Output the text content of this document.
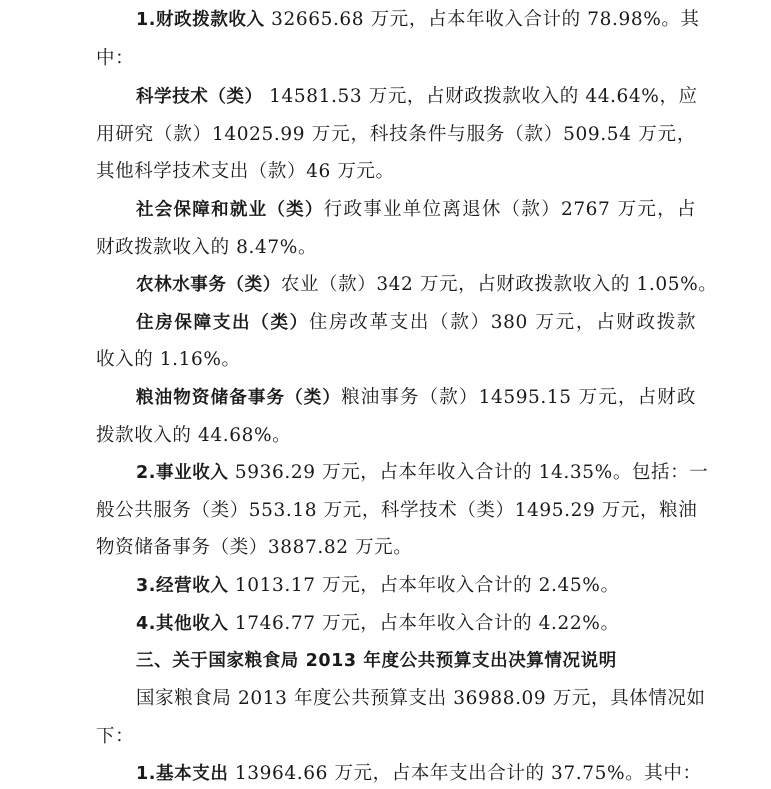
1.财政拨款收入 32665.68 万元，占本年收入合计的 78.98%。其
中：
科学技术（类） 14581.53 万元，占财政拨款收入的 44.64%，应
用研究（款）14025.99 万元，科技条件与服务（款）509.54 万元，
其他科学技术支出（款）46 万元。
社会保障和就业（类）行政事业单位离退休（款）2767 万元，占
财政拨款收入的 8.47%。
农林水事务（类）农业（款）342 万元，占财政拨款收入的 1.05%。
住房保障支出（类）住房改革支出（款）380 万元，占财政拨款
收入的 1.16%。
粮油物资储备事务（类）粮油事务（款）14595.15 万元，占财政
拨款收入的 44.68%。
2.事业收入 5936.29 万元，占本年收入合计的 14.35%。包括：一
般公共服务（类）553.18 万元，科学技术（类）1495.29 万元，粮油
物资储备事务（类）3887.82 万元。
3.经营收入 1013.17 万元，占本年收入合计的 2.45%。
4.其他收入 1746.77 万元，占本年收入合计的 4.22%。
三、关于国家粮食局 2013 年度公共预算支出决算情况说明
国家粮食局 2013 年度公共预算支出 36988.09 万元，具体情况如
下：
1.基本支出 13964.66 万元，占本年支出合计的 37.75%。其中：
